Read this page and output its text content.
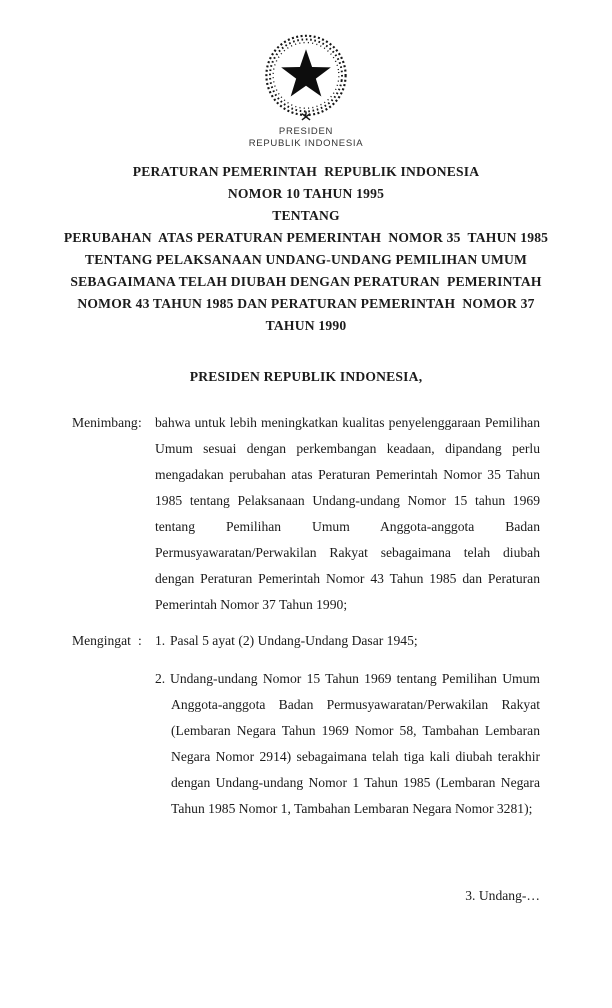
PRESIDEN
REPUBLIK INDONESIA
PERATURAN PEMERINTAH  REPUBLIK INDONESIA
NOMOR 10 TAHUN 1995
TENTANG
PERUBAHAN  ATAS PERATURAN PEMERINTAH  NOMOR 35  TAHUN 1985
TENTANG PELAKSANAAN UNDANG-UNDANG PEMILIHAN UMUM
SEBAGAIMANA TELAH DIUBAH DENGAN PERATURAN  PEMERINTAH
NOMOR 43 TAHUN 1985 DAN PERATURAN PEMERINTAH  NOMOR 37
TAHUN 1990
PRESIDEN REPUBLIK INDONESIA,
Menimbang : bahwa untuk lebih meningkatkan kualitas penyelenggaraan Pemilihan Umum sesuai dengan perkembangan keadaan, dipandang perlu mengadakan perubahan atas Peraturan Pemerintah Nomor 35 Tahun 1985 tentang Pelaksanaan Undang-undang Nomor 15 tahun 1969 tentang Pemilihan Umum Anggota-anggota Badan Permusyawaratan/Perwakilan Rakyat sebagaimana telah diubah dengan Peraturan Pemerintah Nomor 43 Tahun 1985 dan Peraturan Pemerintah Nomor 37 Tahun 1990;

Mengingat : 1. Pasal 5 ayat (2) Undang-Undang Dasar 1945;
2. Undang-undang Nomor 15 Tahun 1969 tentang Pemilihan Umum Anggota-anggota Badan Permusyawaratan/Perwakilan Rakyat (Lembaran Negara Tahun 1969 Nomor 58, Tambahan Lembaran Negara Nomor 2914) sebagaimana telah tiga kali diubah terakhir dengan Undang-undang Nomor 1 Tahun 1985 (Lembaran Negara Tahun 1985 Nomor 1, Tambahan Lembaran Negara Nomor 3281);
3. Undang-…
